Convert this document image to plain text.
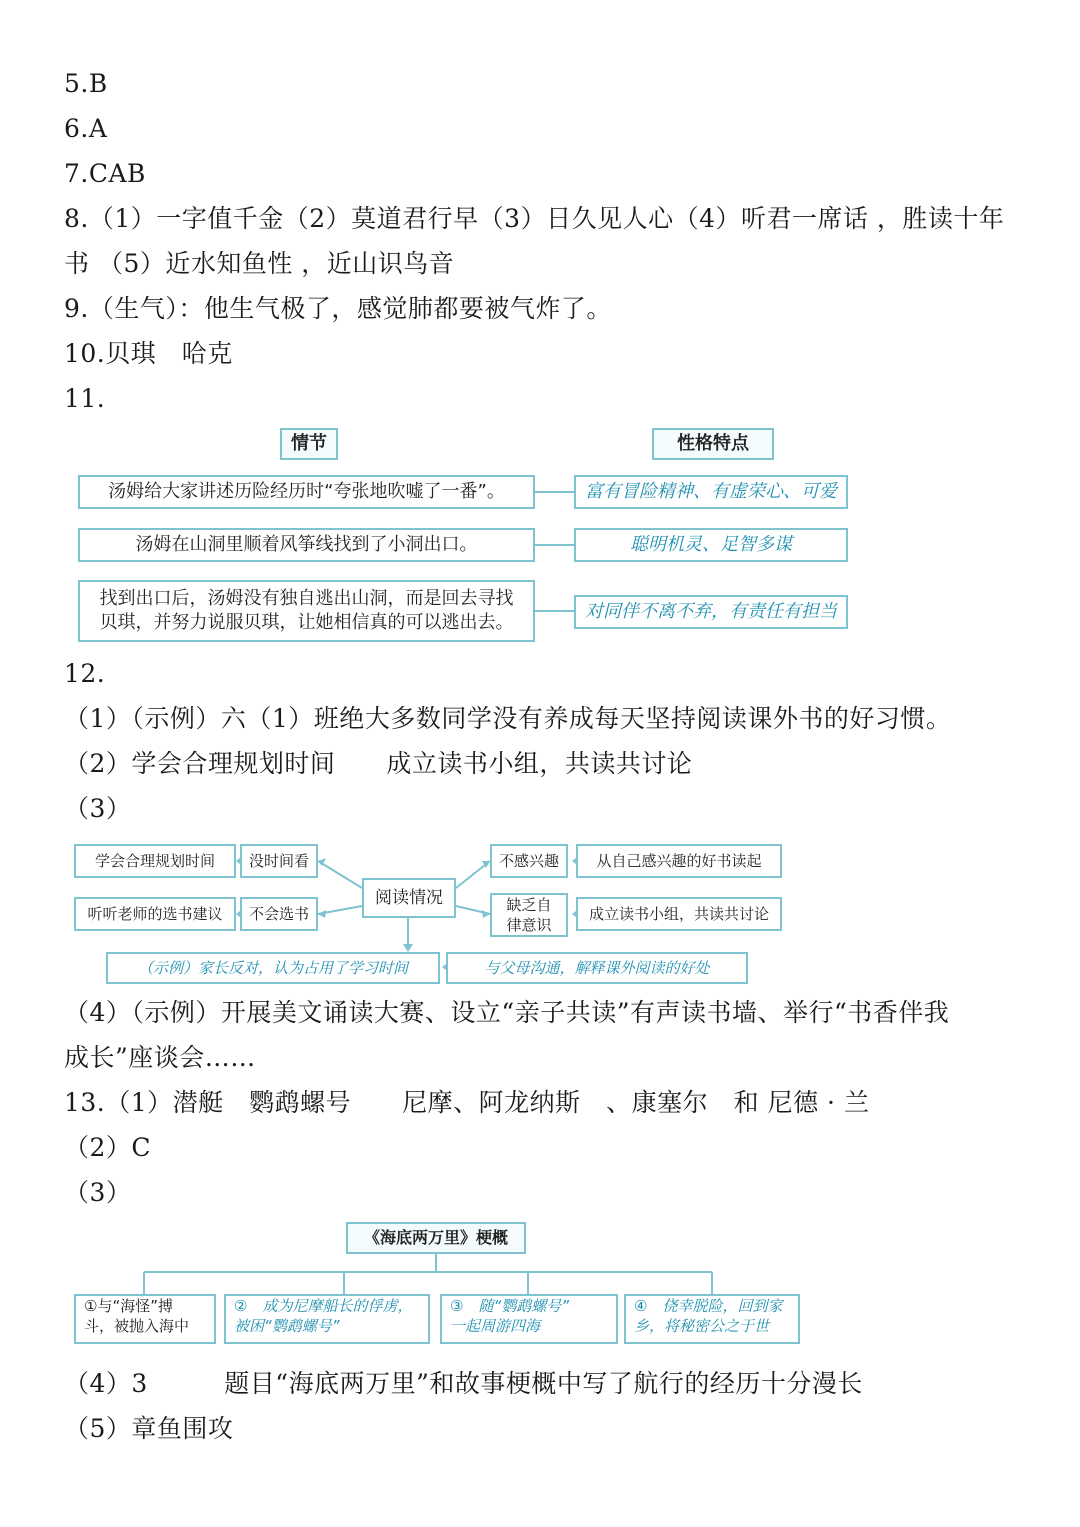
5.B
6.A
7.CAB
8.（1）一字值千金（2）莫道君行早（3）日久见人心（4）听君一席话 ，胜读十年
书 （5）近水知鱼性 ，近山识鸟音
9.（生气）：他生气极了，感觉肺都要被气炸了。
10.贝琪　哈克
11.
情节	性格特点
汤姆给大家讲述历险经历时“夸张地吹嘘了一番”。	富有冒险精神、有虚荣心、可爱
汤姆在山洞里顺着风筝线找到了小洞出口。	聪明机灵、足智多谋
找到出口后，汤姆没有独自逃出山洞，而是回去寻找
贝琪，并努力说服贝琪，让她相信真的可以逃出去。
对同伴不离不弃，有责任有担当
12.
（1）（示例）六（1）班绝大多数同学没有养成每天坚持阅读课外书的好习惯。
（2）学会合理规划时间　　成立读书小组，共读共讨论
（3）
学会合理规划时间	没时间看
听听老师的选书建议	不会选书
阅读情况
不感兴趣	从自己感兴趣的好书读起
缺乏自
律意识
成立读书小组，共读共讨论
（示例）家长反对，认为占用了学习时间	与父母沟通，解释课外阅读的好处
（4）（示例）开展美文诵读大赛、设立“亲子共读”有声读书墙、举行“书香伴我
成长”座谈会……
13.（1）潜艇　鹦鹉螺号　　尼摩、阿龙纳斯　、康塞尔　和 尼德 · 兰
（2）C
（3）
《海底两万里》梗概
①与“海怪”搏
斗，被抛入海中
②　成为尼摩船长的俘虏，
被困“鹦鹉螺号”
③　随“鹦鹉螺号”
一起周游四海
④　侥幸脱险，回到家
乡，将秘密公之于世
（4）3　　　题目“海底两万里”和故事梗概中写了航行的经历十分漫长
（5）章鱼围攻
